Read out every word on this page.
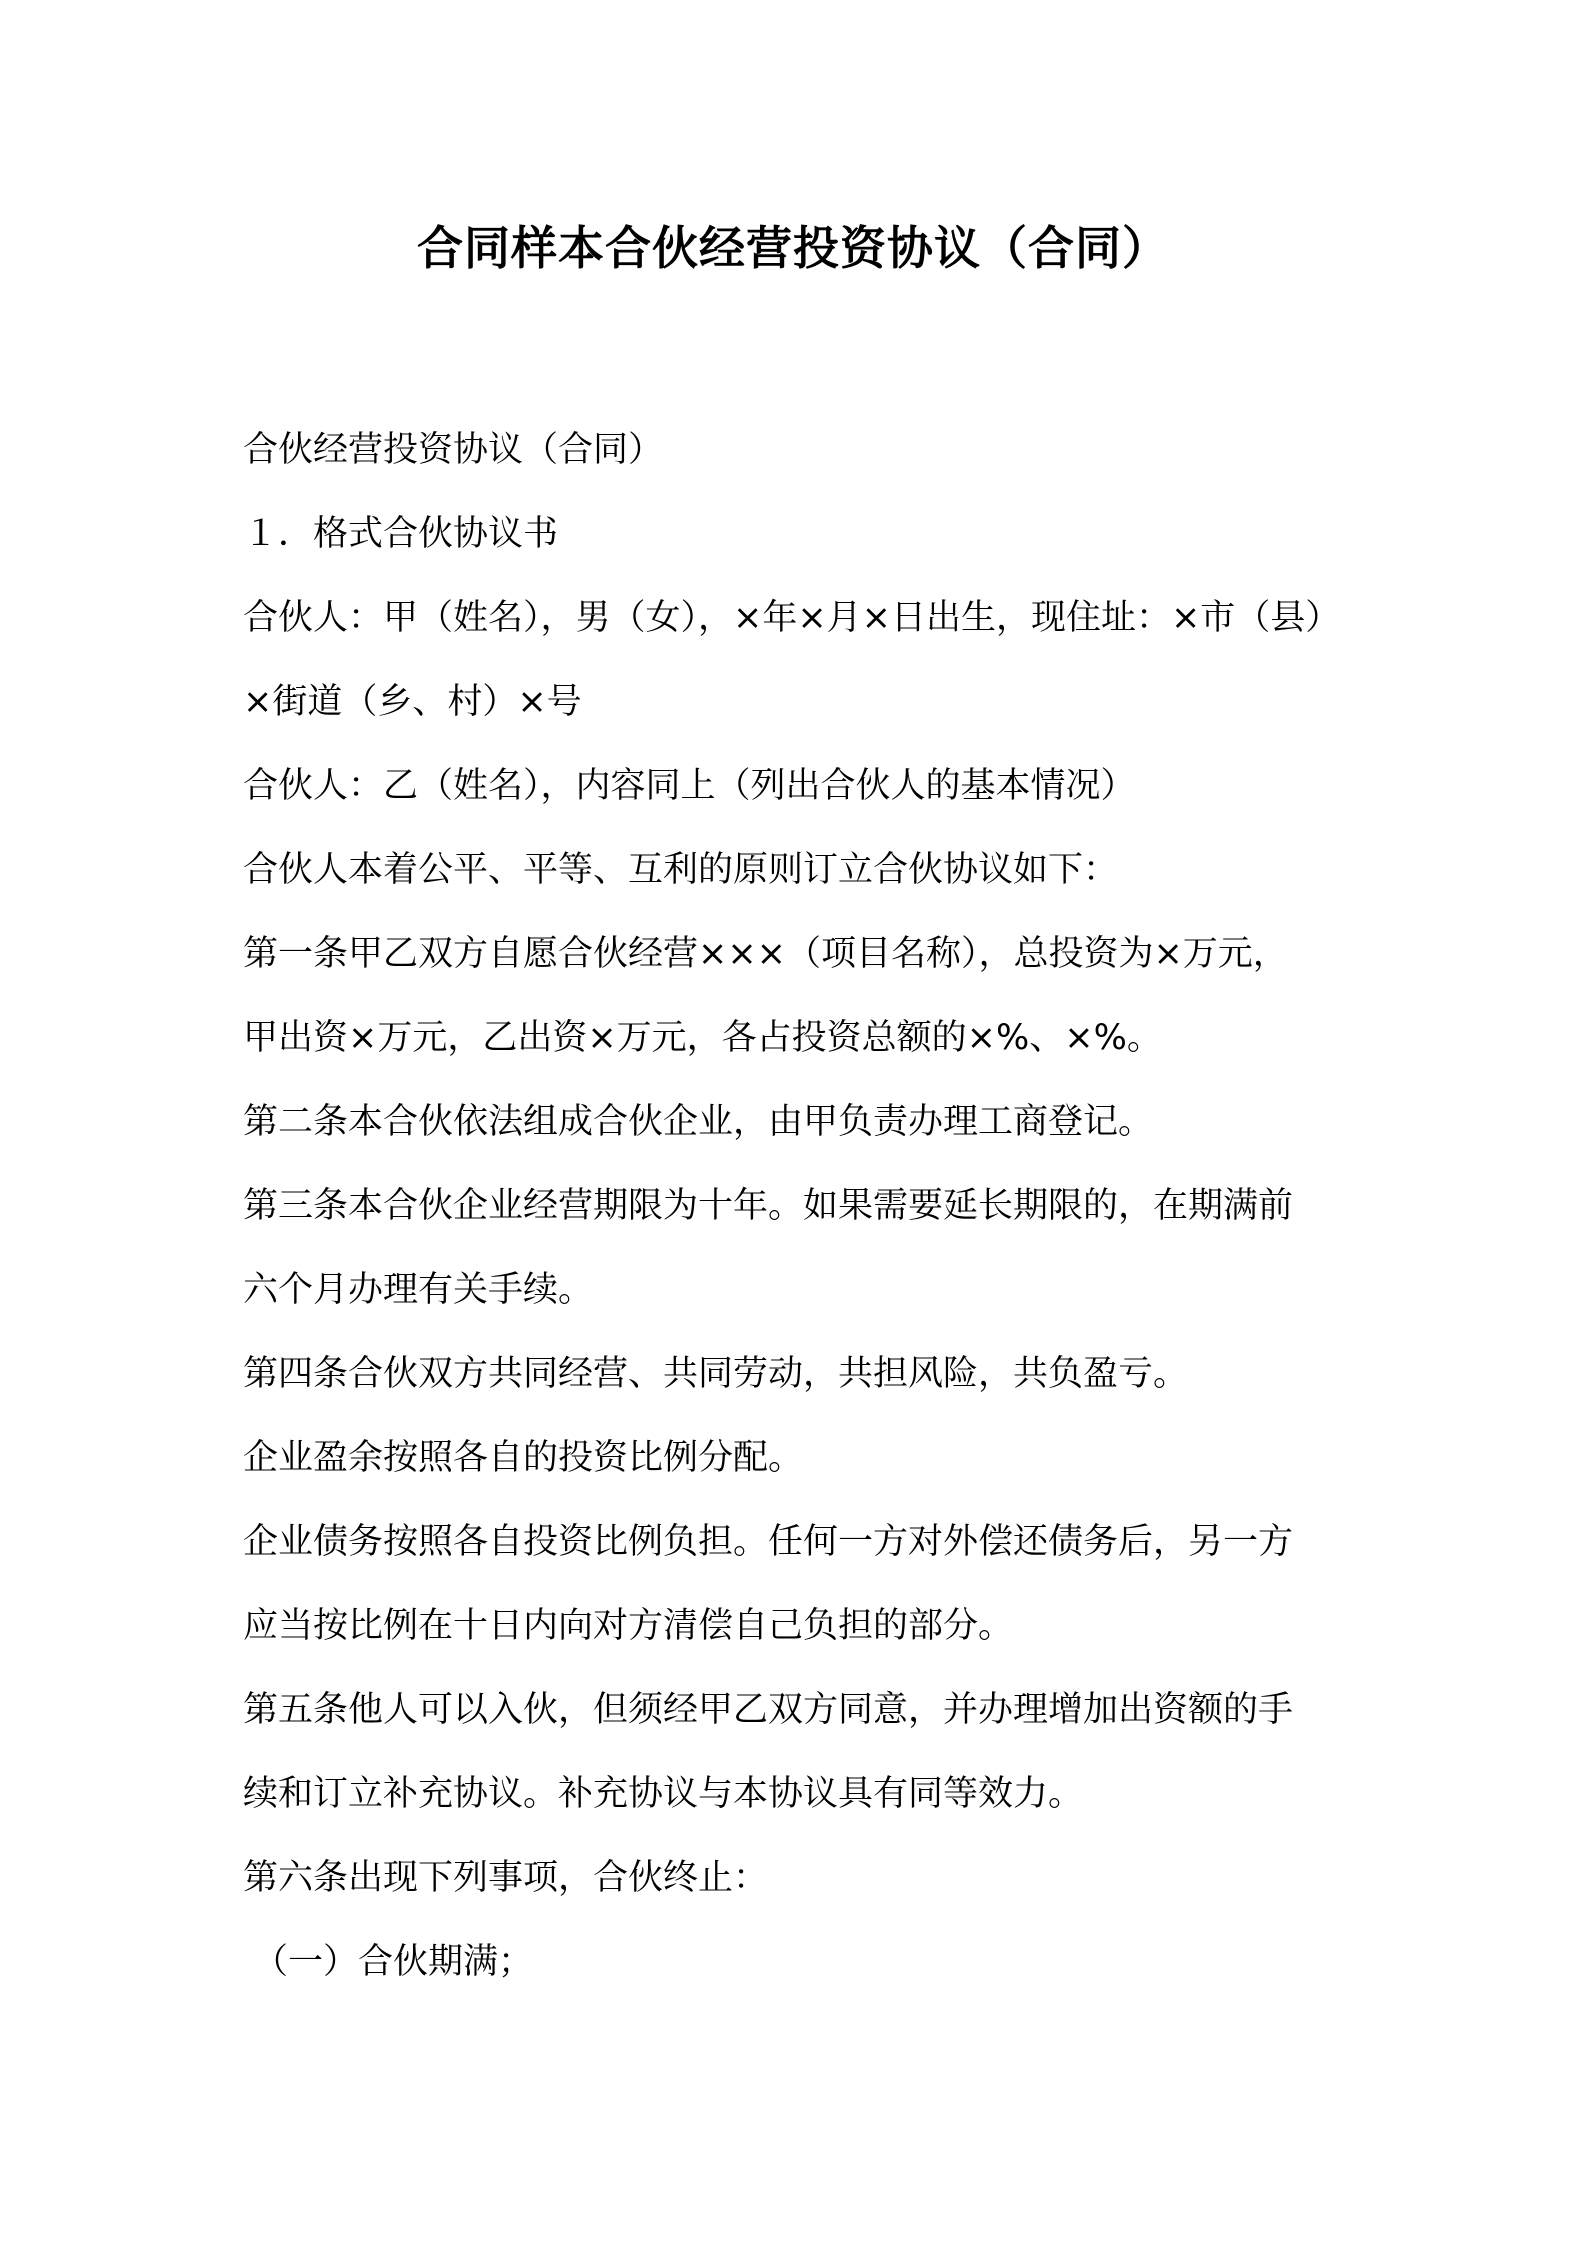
合同样本合伙经营投资协议（合同）

合伙经营投资协议（合同）

１．格式合伙协议书

合伙人：甲（姓名），男（女），×年×月×日出生，现住址：×市（县）

×街道（乡、村）×号

合伙人：乙（姓名），内容同上（列出合伙人的基本情况）

合伙人本着公平、平等、互利的原则订立合伙协议如下：

第一条甲乙双方自愿合伙经营×××（项目名称），总投资为×万元，

甲出资×万元，乙出资×万元，各占投资总额的×%、×%。

第二条本合伙依法组成合伙企业，由甲负责办理工商登记。

第三条本合伙企业经营期限为十年。如果需要延长期限的，在期满前

六个月办理有关手续。

第四条合伙双方共同经营、共同劳动，共担风险，共负盈亏。

企业盈余按照各自的投资比例分配。

企业债务按照各自投资比例负担。任何一方对外偿还债务后，另一方

应当按比例在十日内向对方清偿自己负担的部分。

第五条他人可以入伙，但须经甲乙双方同意，并办理增加出资额的手

续和订立补充协议。补充协议与本协议具有同等效力。

第六条出现下列事项，合伙终止：

（一）合伙期满；
